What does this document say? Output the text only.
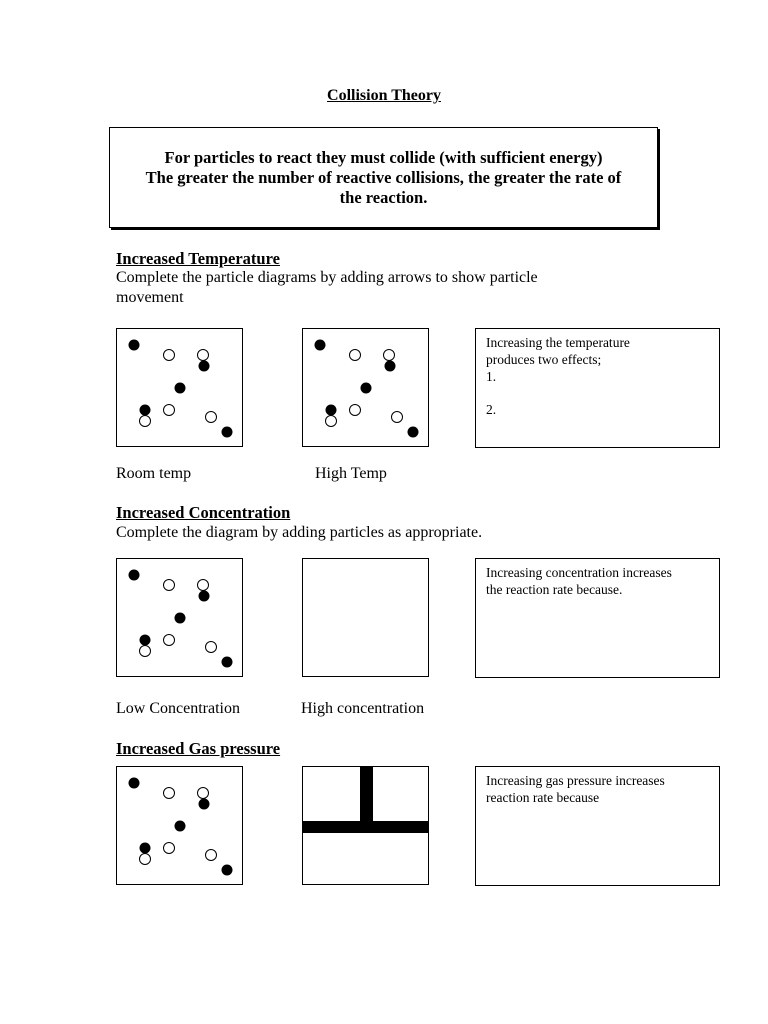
Collision Theory
For particles to react they must collide (with sufficient energy)
The greater the number of reactive collisions, the greater the rate of
the reaction.
Increased Temperature
Complete the particle diagrams by adding arrows to show particle
movement
Increasing the temperature
produces two effects;
1.
2.
Room temp	High Temp
Increased Concentration
Complete the diagram by adding particles as appropriate.
Increasing concentration increases
the reaction rate because.
Low Concentration	High concentration
Increased Gas pressure
Increasing gas pressure increases
reaction rate because
